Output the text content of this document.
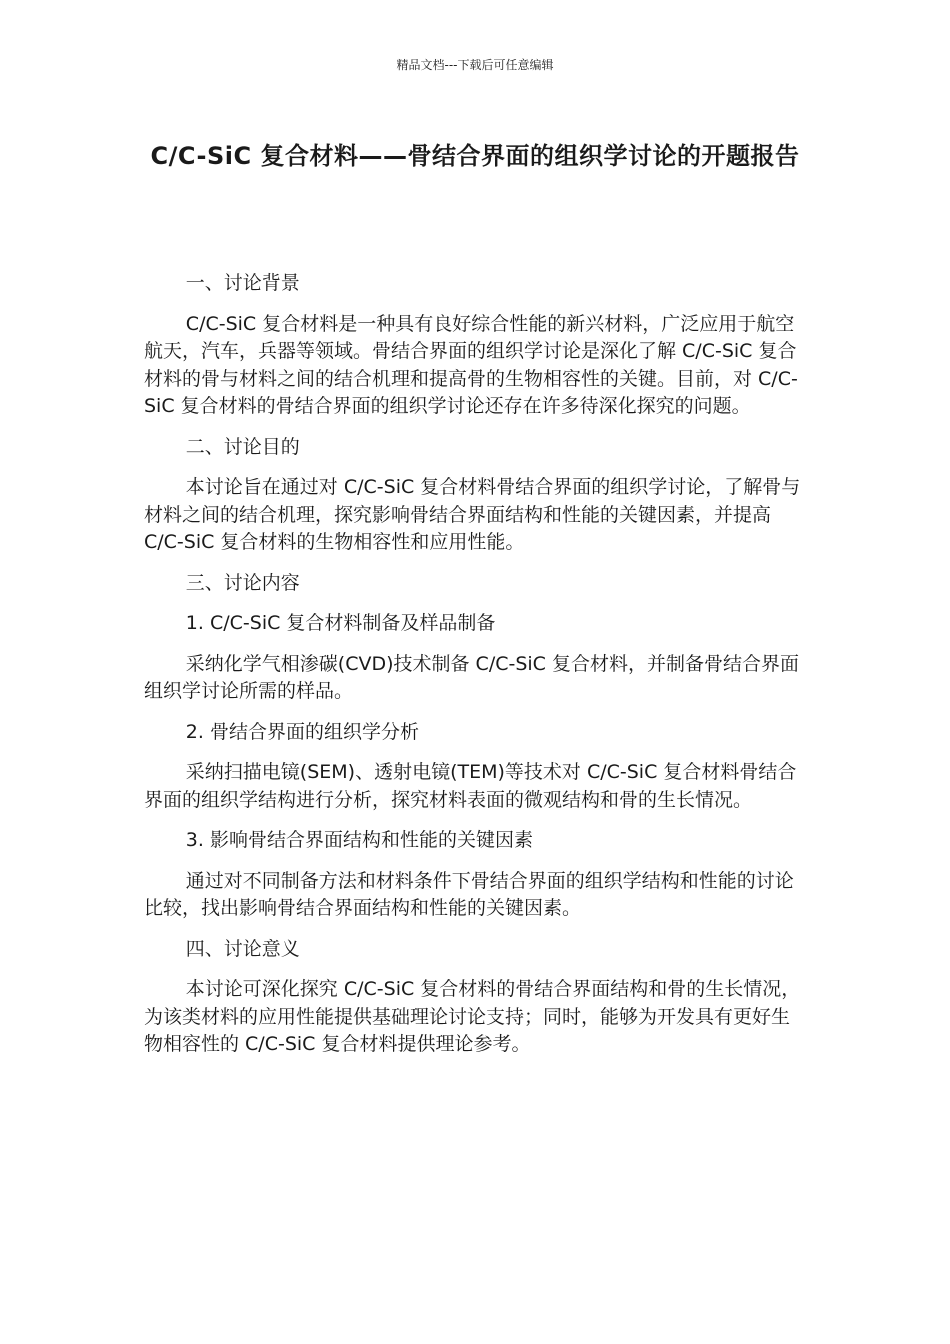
精品文档---下载后可任意编辑
C/C-SiC 复合材料——骨结合界面的组织学讨论的开题报告

一、讨论背景

C/C-SiC 复合材料是一种具有良好综合性能的新兴材料，广泛应用于航空航天，汽车，兵器等领域。骨结合界面的组织学讨论是深化了解 C/C-SiC 复合材料的骨与材料之间的结合机理和提高骨的生物相容性的关键。目前，对 C/C-SiC 复合材料的骨结合界面的组织学讨论还存在许多待深化探究的问题。

二、讨论目的

本讨论旨在通过对 C/C-SiC 复合材料骨结合界面的组织学讨论，了解骨与材料之间的结合机理，探究影响骨结合界面结构和性能的关键因素，并提高 C/C-SiC 复合材料的生物相容性和应用性能。

三、讨论内容

1. C/C-SiC 复合材料制备及样品制备

采纳化学气相渗碳(CVD)技术制备 C/C-SiC 复合材料，并制备骨结合界面组织学讨论所需的样品。

2. 骨结合界面的组织学分析

采纳扫描电镜(SEM)、透射电镜(TEM)等技术对 C/C-SiC 复合材料骨结合界面的组织学结构进行分析，探究材料表面的微观结构和骨的生长情况。

3. 影响骨结合界面结构和性能的关键因素

通过对不同制备方法和材料条件下骨结合界面的组织学结构和性能的讨论比较，找出影响骨结合界面结构和性能的关键因素。

四、讨论意义

本讨论可深化探究 C/C-SiC 复合材料的骨结合界面结构和骨的生长情况，为该类材料的应用性能提供基础理论讨论支持；同时，能够为开发具有更好生物相容性的 C/C-SiC 复合材料提供理论参考。
